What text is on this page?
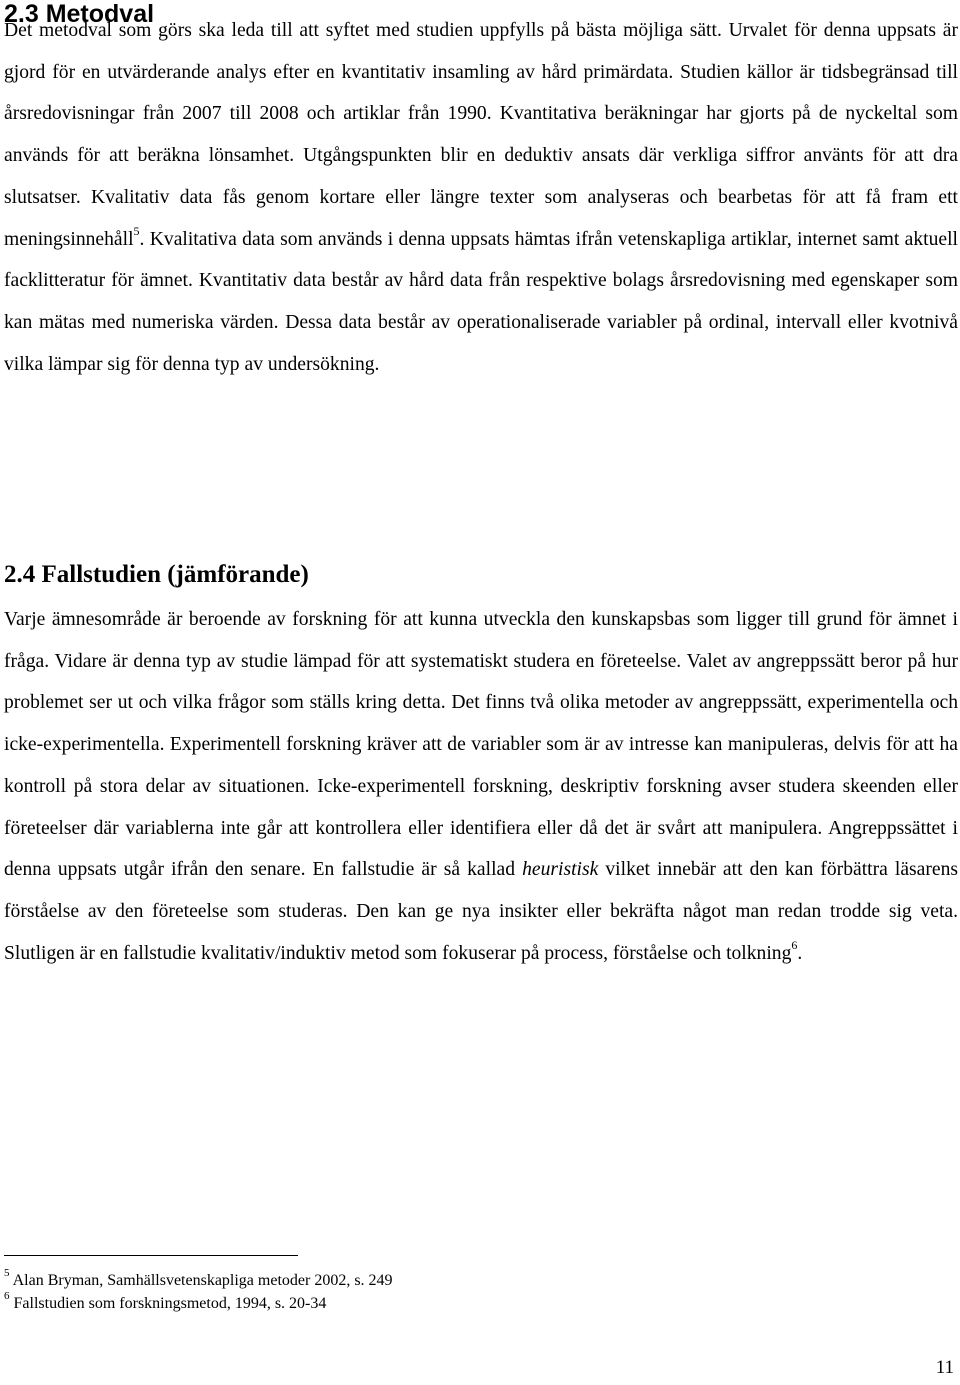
2.3 Metodval

Det metodval som görs ska leda till att syftet med studien uppfylls på bästa möjliga sätt. Urvalet för denna uppsats är gjord för en utvärderande analys efter en kvantitativ insamling av hård primärdata. Studien källor är tidsbegränsad till årsredovisningar från 2007 till 2008 och artiklar från 1990. Kvantitativa beräkningar har gjorts på de nyckeltal som används för att beräkna lönsamhet. Utgångspunkten blir en deduktiv ansats där verkliga siffror använts för att dra slutsatser. Kvalitativ data fås genom kortare eller längre texter som analyseras och bearbetas för att få fram ett meningsinnehåll$^5$. Kvalitativa data som används i denna uppsats hämtas ifrån vetenskapliga artiklar, internet samt aktuell facklitteratur för ämnet. Kvantitativ data består av hård data från respektive bolags årsredovisning med egenskaper som kan mätas med numeriska värden. Dessa data består av operationaliserade variabler på ordinal, intervall eller kvotnivå vilka lämpar sig för denna typ av undersökning.

2.4 Fallstudien (jämförande)

Varje ämnesområde är beroende av forskning för att kunna utveckla den kunskapsbas som ligger till grund för ämnet i fråga. Vidare är denna typ av studie lämpad för att systematiskt studera en företeelse. Valet av angreppssätt beror på hur problemet ser ut och vilka frågor som ställs kring detta. Det finns två olika metoder av angreppssätt, experimentella och icke-experimentella. Experimentell forskning kräver att de variabler som är av intresse kan manipuleras, delvis för att ha kontroll på stora delar av situationen. Icke-experimentell forskning, deskriptiv forskning avser studera skeenden eller företeelser där variablerna inte går att kontrollera eller identifiera eller då det är svårt att manipulera. Angreppssättet i denna uppsats utgår ifrån den senare. En fallstudie är så kallad heuristisk vilket innebär att den kan förbättra läsarens förståelse av den företeelse som studeras. Den kan ge nya insikter eller bekräfta något man redan trodde sig veta. Slutligen är en fallstudie kvalitativ/induktiv metod som fokuserar på process, förståelse och tolkning$^6$.

$^5$ Alan Bryman, Samhällsvetenskapliga metoder 2002, s. 249

$^6$ Fallstudien som forskningsmetod, 1994, s. 20-34

11
